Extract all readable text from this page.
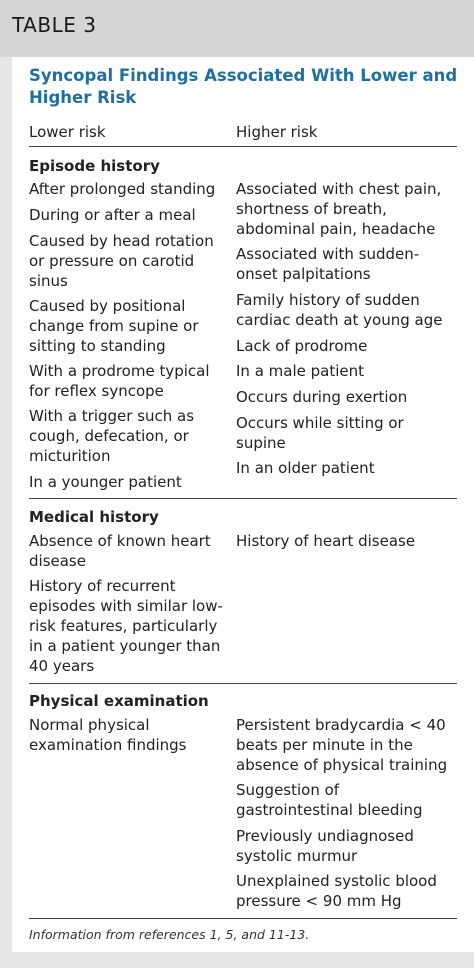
TABLE 3
Syncopal Findings Associated With Lower and Higher Risk
Lower risk	Higher risk
Episode history
After prolonged standing
During or after a meal
Caused by head rotation or pressure on carotid sinus
Caused by positional change from supine or sitting to standing
With a prodrome typical for reflex syncope
With a trigger such as cough, defecation, or micturition
In a younger patient
Associated with chest pain, shortness of breath, abdominal pain, headache
Associated with sudden-onset palpitations
Family history of sudden cardiac death at young age
Lack of prodrome
In a male patient
Occurs during exertion
Occurs while sitting or supine
In an older patient
Medical history
Absence of known heart disease
History of recurrent episodes with similar low-risk features, particularly in a patient younger than 40 years
History of heart disease
Physical examination
Normal physical examination findings
Persistent bradycardia < 40 beats per minute in the absence of physical training
Suggestion of gastrointestinal bleeding
Previously undiagnosed systolic murmur
Unexplained systolic blood pressure < 90 mm Hg
Information from references 1, 5, and 11-13.
